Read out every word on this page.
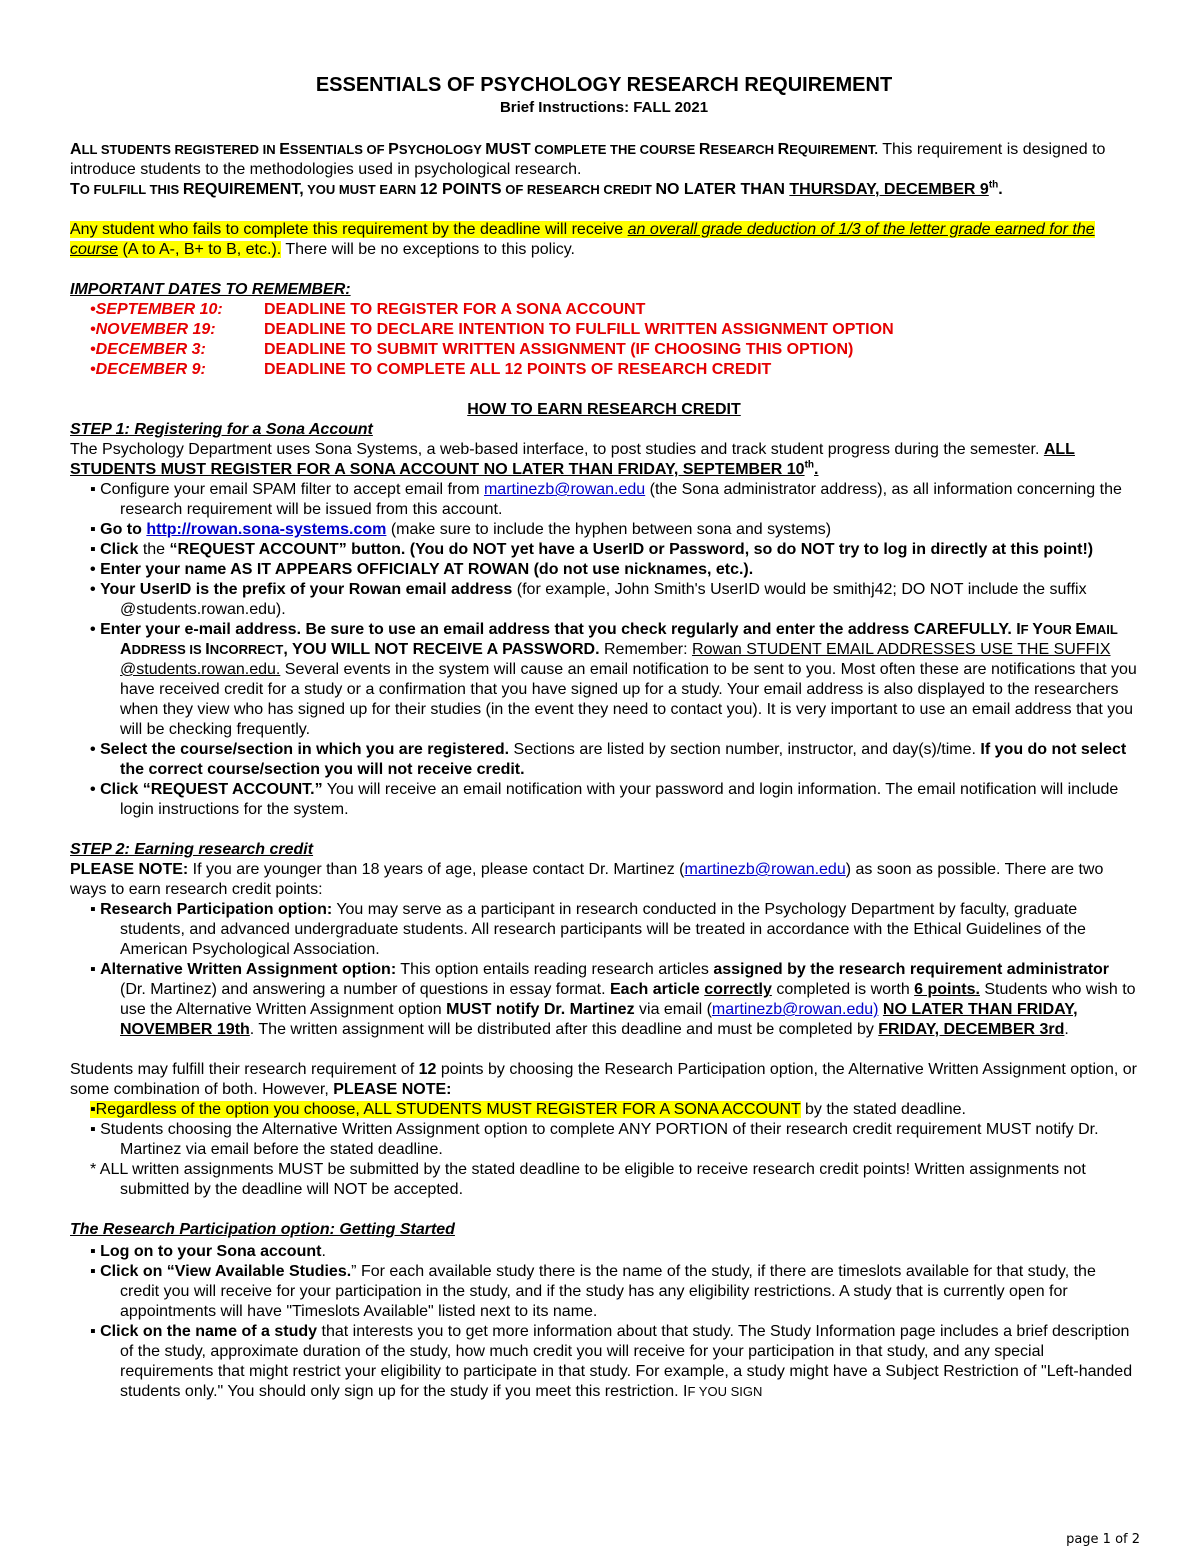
ESSENTIALS OF PSYCHOLOGY RESEARCH REQUIREMENT
Brief Instructions: FALL 2021
ALL STUDENTS REGISTERED IN ESSENTIALS OF PSYCHOLOGY MUST COMPLETE THE COURSE RESEARCH REQUIREMENT. This requirement is designed to introduce students to the methodologies used in psychological research.
TO FULFILL THIS REQUIREMENT, YOU MUST EARN 12 POINTS OF RESEARCH CREDIT NO LATER THAN THURSDAY, DECEMBER 9th.
Any student who fails to complete this requirement by the deadline will receive an overall grade deduction of 1/3 of the letter grade earned for the course (A to A-, B+ to B, etc.). There will be no exceptions to this policy.
IMPORTANT DATES TO REMEMBER:
•SEPTEMBER 10:	DEADLINE TO REGISTER FOR A SONA ACCOUNT
•NOVEMBER 19:	DEADLINE TO DECLARE INTENTION TO FULFILL WRITTEN ASSIGNMENT OPTION
•DECEMBER 3:	DEADLINE TO SUBMIT WRITTEN ASSIGNMENT (IF CHOOSING THIS OPTION)
•DECEMBER 9:	DEADLINE TO COMPLETE ALL 12 POINTS OF RESEARCH CREDIT
HOW TO EARN RESEARCH CREDIT
STEP 1: Registering for a Sona Account
The Psychology Department uses Sona Systems, a web-based interface, to post studies and track student progress during the semester. ALL STUDENTS MUST REGISTER FOR A SONA ACCOUNT NO LATER THAN FRIDAY, SEPTEMBER 10th.
▪ Configure your email SPAM filter to accept email from martinezb@rowan.edu (the Sona administrator address), as all information concerning the research requirement will be issued from this account.
▪ Go to http://rowan.sona-systems.com (make sure to include the hyphen between sona and systems)
▪ Click the “REQUEST ACCOUNT” button. (You do NOT yet have a UserID or Password, so do NOT try to log in directly at this point!)
• Enter your name AS IT APPEARS OFFICIALY AT ROWAN (do not use nicknames, etc.).
• Your UserID is the prefix of your Rowan email address (for example, John Smith's UserID would be smithj42; DO NOT include the suffix @students.rowan.edu).
• Enter your e-mail address. Be sure to use an email address that you check regularly and enter the address CAREFULLY. IF YOUR EMAIL ADDRESS IS INCORRECT, YOU WILL NOT RECEIVE A PASSWORD. Remember: Rowan STUDENT EMAIL ADDRESSES USE THE SUFFIX @students.rowan.edu. Several events in the system will cause an email notification to be sent to you. Most often these are notifications that you have received credit for a study or a confirmation that you have signed up for a study. Your email address is also displayed to the researchers when they view who has signed up for their studies (in the event they need to contact you). It is very important to use an email address that you will be checking frequently.
• Select the course/section in which you are registered. Sections are listed by section number, instructor, and day(s)/time. If you do not select the correct course/section you will not receive credit.
• Click “REQUEST ACCOUNT.” You will receive an email notification with your password and login information. The email notification will include login instructions for the system.
STEP 2: Earning research credit
PLEASE NOTE: If you are younger than 18 years of age, please contact Dr. Martinez (martinezb@rowan.edu) as soon as possible. There are two ways to earn research credit points:
▪ Research Participation option: You may serve as a participant in research conducted in the Psychology Department by faculty, graduate students, and advanced undergraduate students. All research participants will be treated in accordance with the Ethical Guidelines of the American Psychological Association.
▪ Alternative Written Assignment option: This option entails reading research articles assigned by the research requirement administrator (Dr. Martinez) and answering a number of questions in essay format. Each article correctly completed is worth 6 points. Students who wish to use the Alternative Written Assignment option MUST notify Dr. Martinez via email (martinezb@rowan.edu) NO LATER THAN FRIDAY, NOVEMBER 19th. The written assignment will be distributed after this deadline and must be completed by FRIDAY, DECEMBER 3rd.
Students may fulfill their research requirement of 12 points by choosing the Research Participation option, the Alternative Written Assignment option, or some combination of both. However, PLEASE NOTE:
▪Regardless of the option you choose, ALL STUDENTS MUST REGISTER FOR A SONA ACCOUNT by the stated deadline.
▪ Students choosing the Alternative Written Assignment option to complete ANY PORTION of their research credit requirement MUST notify Dr. Martinez via email before the stated deadline.
* ALL written assignments MUST be submitted by the stated deadline to be eligible to receive research credit points! Written assignments not submitted by the deadline will NOT be accepted.
The Research Participation option: Getting Started
▪ Log on to your Sona account.
▪ Click on “View Available Studies.” For each available study there is the name of the study, if there are timeslots available for that study, the credit you will receive for your participation in the study, and if the study has any eligibility restrictions. A study that is currently open for appointments will have "Timeslots Available" listed next to its name.
▪ Click on the name of a study that interests you to get more information about that study. The Study Information page includes a brief description of the study, approximate duration of the study, how much credit you will receive for your participation in that study, and any special requirements that might restrict your eligibility to participate in that study. For example, a study might have a Subject Restriction of "Left-handed students only." You should only sign up for the study if you meet this restriction. IF YOU SIGN
page 1 of 2
